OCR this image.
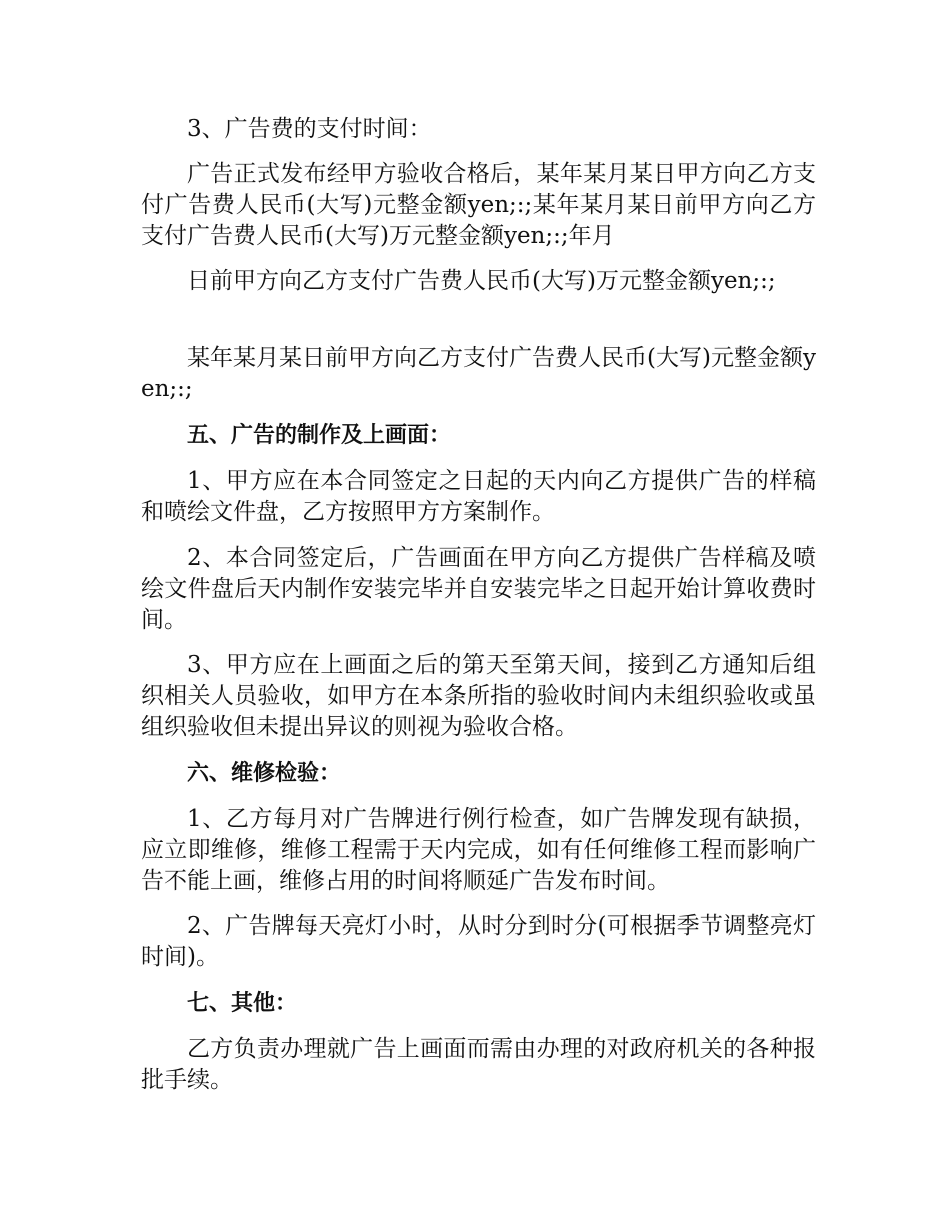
3、广告费的支付时间：

广告正式发布经甲方验收合格后，某年某月某日甲方向乙方支付广告费人民币(大写)元整金额yen;:;某年某月某日前甲方向乙方支付广告费人民币(大写)万元整金额yen;:;年月

日前甲方向乙方支付广告费人民币(大写)万元整金额yen;:;

某年某月某日前甲方向乙方支付广告费人民币(大写)元整金额yen;:;

五、广告的制作及上画面：

1、甲方应在本合同签定之日起的天内向乙方提供广告的样稿和喷绘文件盘，乙方按照甲方方案制作。

2、本合同签定后，广告画面在甲方向乙方提供广告样稿及喷绘文件盘后天内制作安装完毕并自安装完毕之日起开始计算收费时间。

3、甲方应在上画面之后的第天至第天间，接到乙方通知后组织相关人员验收，如甲方在本条所指的验收时间内未组织验收或虽组织验收但未提出异议的则视为验收合格。

六、维修检验：

1、乙方每月对广告牌进行例行检查，如广告牌发现有缺损，应立即维修，维修工程需于天内完成，如有任何维修工程而影响广告不能上画，维修占用的时间将顺延广告发布时间。

2、广告牌每天亮灯小时，从时分到时分(可根据季节调整亮灯时间)。

七、其他：

乙方负责办理就广告上画面而需由办理的对政府机关的各种报批手续。
